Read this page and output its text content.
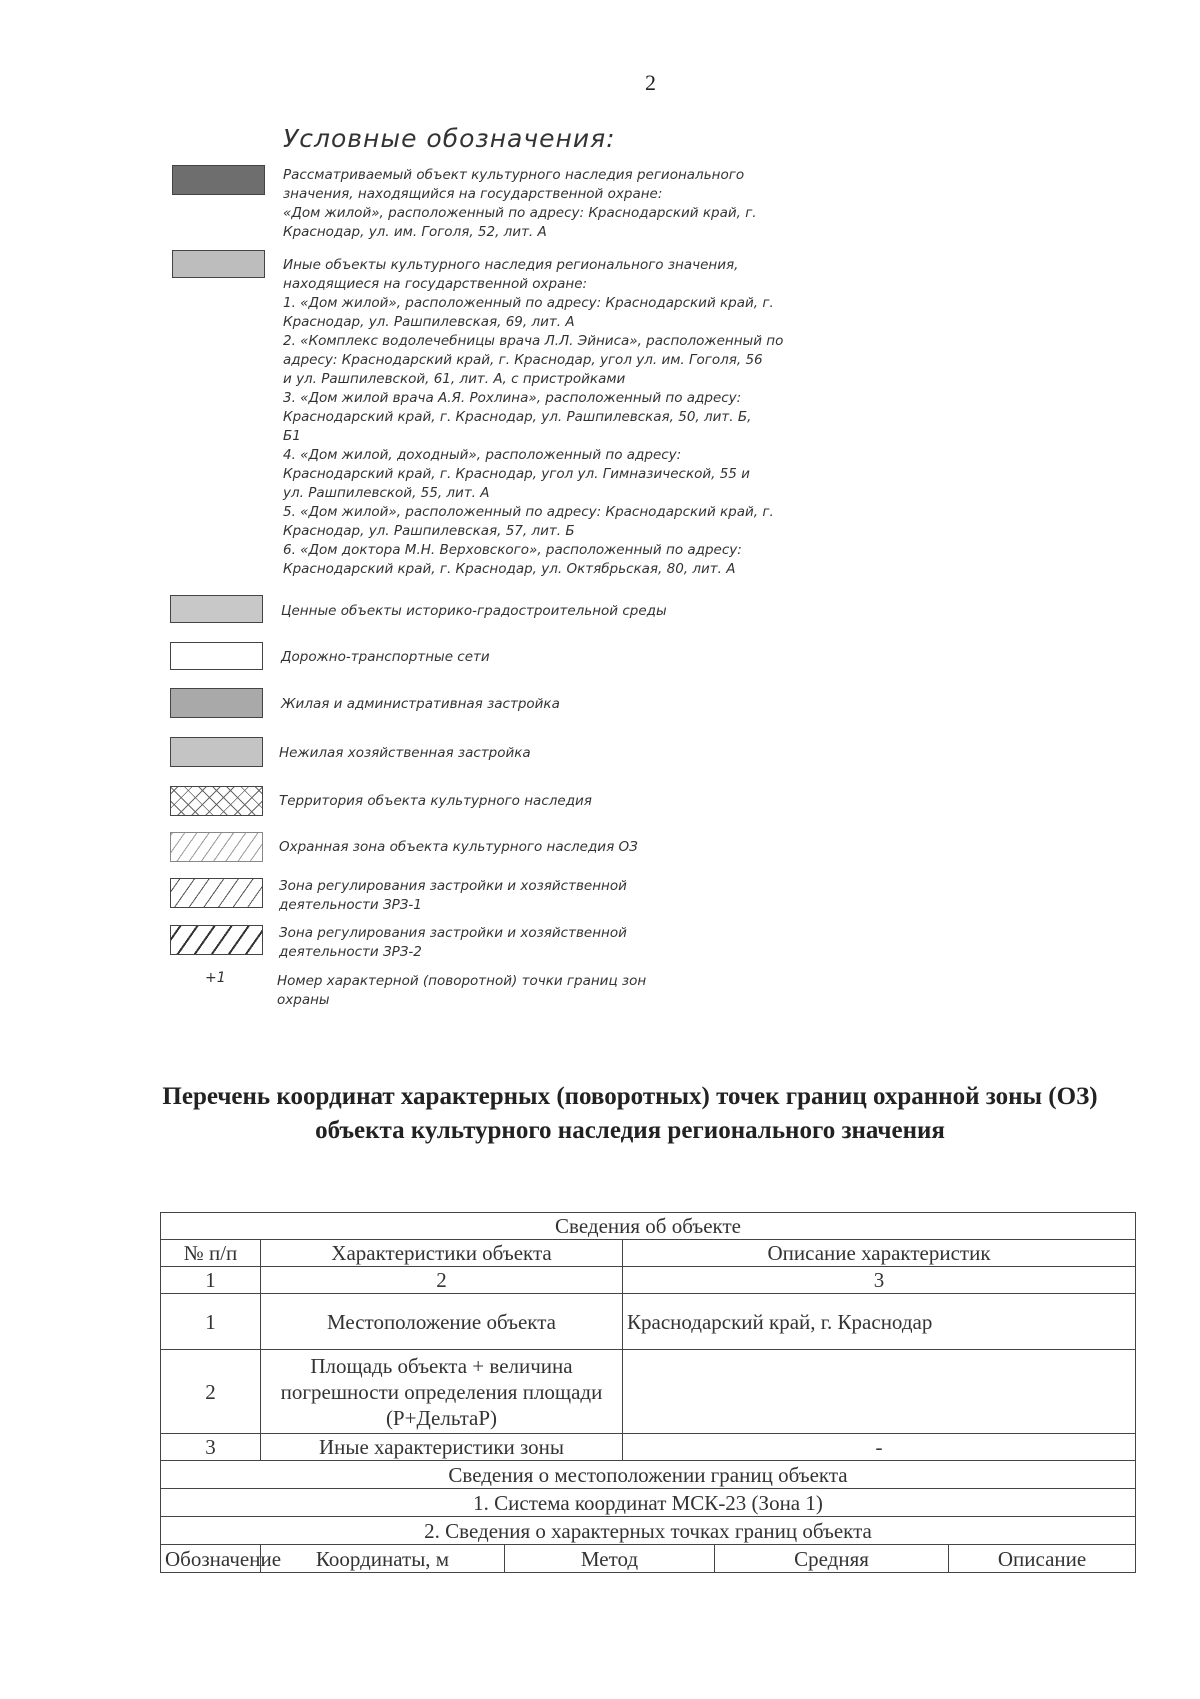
2
Условные обозначения:
Рассматриваемый объект культурного наследия регионального
значения, находящийся на государственной охране:
«Дом жилой», расположенный по адресу: Краснодарский край, г.
Краснодар, ул. им. Гоголя, 52, лит. А
Иные объекты культурного наследия регионального значения,
находящиеся на государственной охране:
1. «Дом жилой», расположенный по адресу: Краснодарский край, г.
Краснодар, ул. Рашпилевская, 69, лит. А
2. «Комплекс водолечебницы врача Л.Л. Эйниса», расположенный по
адресу: Краснодарский край, г. Краснодар, угол ул. им. Гоголя, 56
и ул. Рашпилевской, 61, лит. А, с пристройками
3. «Дом жилой врача А.Я. Рохлина», расположенный по адресу:
Краснодарский край, г. Краснодар, ул. Рашпилевская, 50, лит. Б,
Б1
4. «Дом жилой, доходный», расположенный по адресу:
Краснодарский край, г. Краснодар, угол ул. Гимназической, 55 и
ул. Рашпилевской, 55, лит. А
5. «Дом жилой», расположенный по адресу: Краснодарский край, г.
Краснодар, ул. Рашпилевская, 57, лит. Б
6. «Дом доктора М.Н. Верховского», расположенный по адресу:
Краснодарский край, г. Краснодар, ул. Октябрьская, 80, лит. А
Ценные объекты историко-градостроительной среды
Дорожно-транспортные сети
Жилая и административная застройка
Нежилая хозяйственная застройка
Территория объекта культурного наследия
Охранная зона объекта культурного наследия ОЗ
Зона регулирования застройки и хозяйственной
деятельности ЗРЗ-1
Зона регулирования застройки и хозяйственной
деятельности ЗРЗ-2
+1	Номер характерной (поворотной) точки границ зон
охраны
Перечень координат характерных (поворотных) точек границ охранной зоны (ОЗ) объекта культурного наследия регионального значения
Сведения об объекте					
№ п/п	Характеристики объекта		Описание характеристик		
1	2		3		
1	Местоположение объекта		Краснодарский край, г. Краснодар		
2	Площадь объекта + величина погрешности определения площади (Р+ДельтаР)				
3	Иные характеристики зоны		-		
Сведения о местоположении границ объекта					
1. Система координат МСК-23 (Зона 1)					
2. Сведения о характерных точках границ объекта					
Обозначение	Координаты, м	Метод		Средняя	Описание
